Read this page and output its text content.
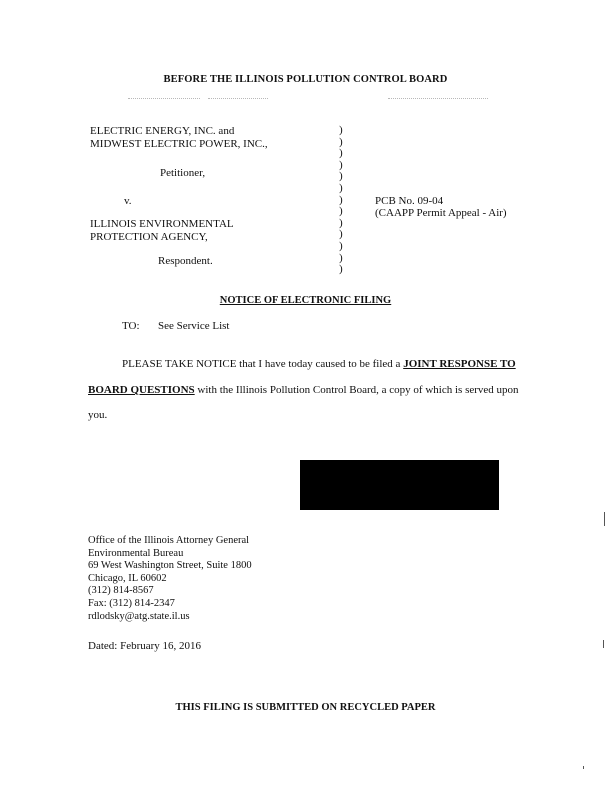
BEFORE THE ILLINOIS POLLUTION CONTROL BOARD
ELECTRIC ENERGY, INC. and
MIDWEST ELECTRIC POWER, INC.,
Petitioner,
v.
ILLINOIS ENVIRONMENTAL
PROTECTION AGENCY,
Respondent.
)
)
)
)
)
)
)
)
)
)
)
)
)
PCB No. 09-04
(CAAPP Permit Appeal - Air)
NOTICE OF ELECTRONIC FILING
TO: See Service List
PLEASE TAKE NOTICE that I have today caused to be filed a JOINT RESPONSE TO
BOARD QUESTIONS with the Illinois Pollution Control Board, a copy of which is served upon
you.
Office of the Illinois Attorney General
Environmental Bureau
69 West Washington Street, Suite 1800
Chicago, IL 60602
(312) 814-8567
Fax: (312) 814-2347
rdlodsky@atg.state.il.us
Dated: February 16, 2016
THIS FILING IS SUBMITTED ON RECYCLED PAPER
